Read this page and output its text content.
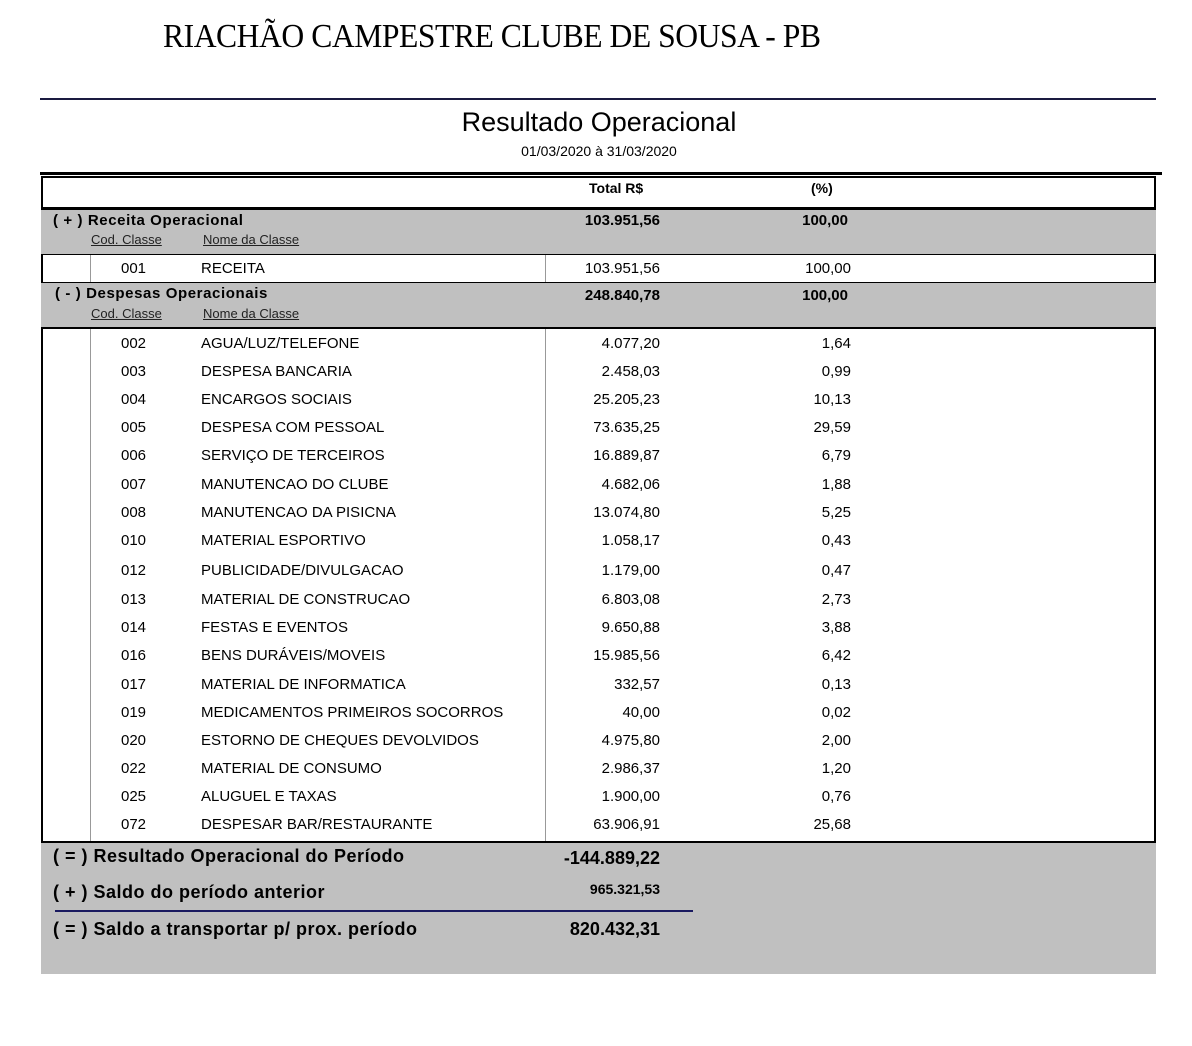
RIACHÃO CAMPESTRE CLUBE DE SOUSA - PB
Resultado Operacional
01/03/2020 à 31/03/2020
Total R$	(%)
( + ) Receita Operacional	103.951,56	100,00
Cod. Classe	Nome da Classe
001	RECEITA	103.951,56	100,00
( - ) Despesas Operacionais	248.840,78	100,00
Cod. Classe	Nome da Classe
002	AGUA/LUZ/TELEFONE	4.077,20	1,64
003	DESPESA BANCARIA	2.458,03	0,99
004	ENCARGOS SOCIAIS	25.205,23	10,13
005	DESPESA COM PESSOAL	73.635,25	29,59
006	SERVIÇO DE TERCEIROS	16.889,87	6,79
007	MANUTENCAO DO CLUBE	4.682,06	1,88
008	MANUTENCAO DA PISICNA	13.074,80	5,25
010	MATERIAL ESPORTIVO	1.058,17	0,43
012	PUBLICIDADE/DIVULGACAO	1.179,00	0,47
013	MATERIAL DE CONSTRUCAO	6.803,08	2,73
014	FESTAS E EVENTOS	9.650,88	3,88
016	BENS DURÁVEIS/MOVEIS	15.985,56	6,42
017	MATERIAL DE INFORMATICA	332,57	0,13
019	MEDICAMENTOS PRIMEIROS SOCORROS	40,00	0,02
020	ESTORNO DE CHEQUES DEVOLVIDOS	4.975,80	2,00
022	MATERIAL DE CONSUMO	2.986,37	1,20
025	ALUGUEL E TAXAS	1.900,00	0,76
072	DESPESAR BAR/RESTAURANTE	63.906,91	25,68
( = ) Resultado Operacional do Período	-144.889,22
( + ) Saldo do período anterior	965.321,53
( = ) Saldo a transportar p/ prox. período	820.432,31
